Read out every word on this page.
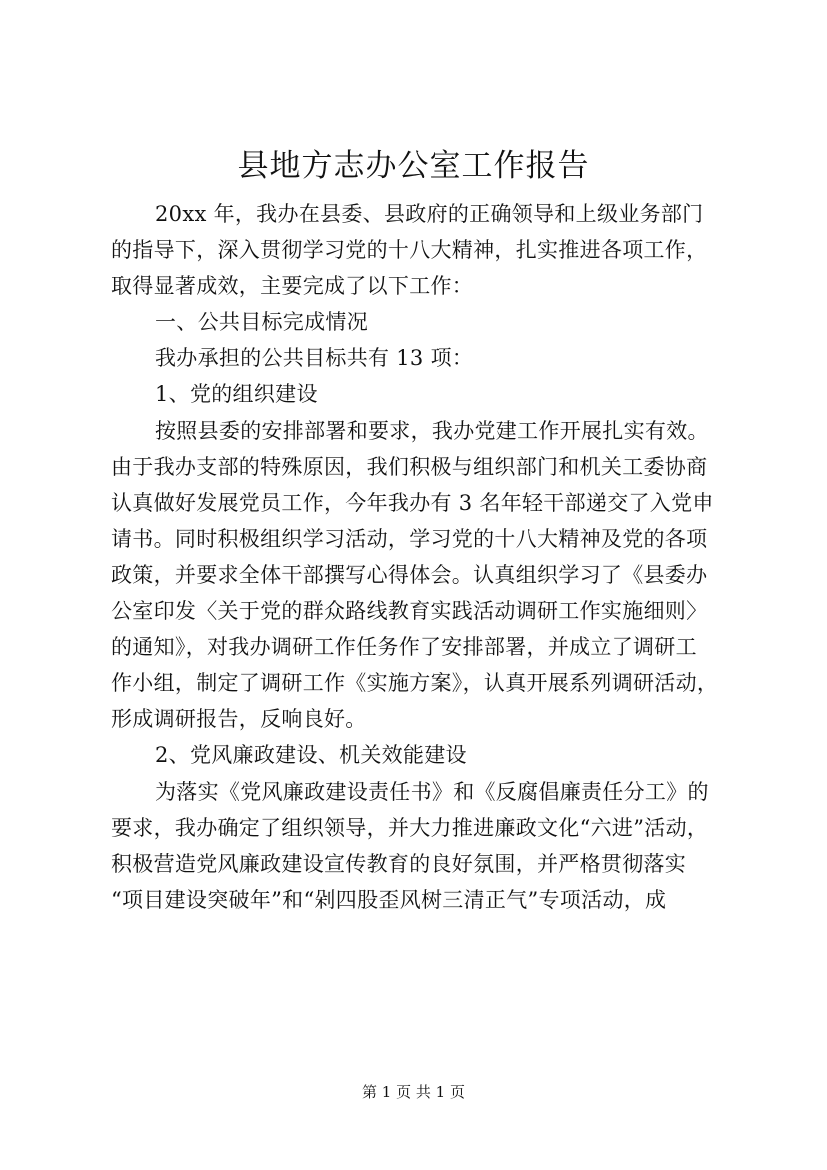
县地方志办公室工作报告
20xx 年，我办在县委、县政府的正确领导和上级业务部门
的指导下，深入贯彻学习党的十八大精神，扎实推进各项工作，
取得显著成效，主要完成了以下工作：
一、公共目标完成情况
我办承担的公共目标共有 13 项：
1、党的组织建设
按照县委的安排部署和要求，我办党建工作开展扎实有效。
由于我办支部的特殊原因，我们积极与组织部门和机关工委协商
认真做好发展党员工作，今年我办有 3 名年轻干部递交了入党申
请书。同时积极组织学习活动，学习党的十八大精神及党的各项
政策，并要求全体干部撰写心得体会。认真组织学习了《县委办
公室印发〈关于党的群众路线教育实践活动调研工作实施细则〉
的通知》，对我办调研工作任务作了安排部署，并成立了调研工
作小组，制定了调研工作《实施方案》，认真开展系列调研活动，
形成调研报告，反响良好。
2、党风廉政建设、机关效能建设
为落实《党风廉政建设责任书》和《反腐倡廉责任分工》的
要求，我办确定了组织领导，并大力推进廉政文化“六进”活动，
积极营造党风廉政建设宣传教育的良好氛围，并严格贯彻落实
“项目建设突破年”和“剁四股歪风树三清正气”专项活动，成
第 1 页 共 1 页
